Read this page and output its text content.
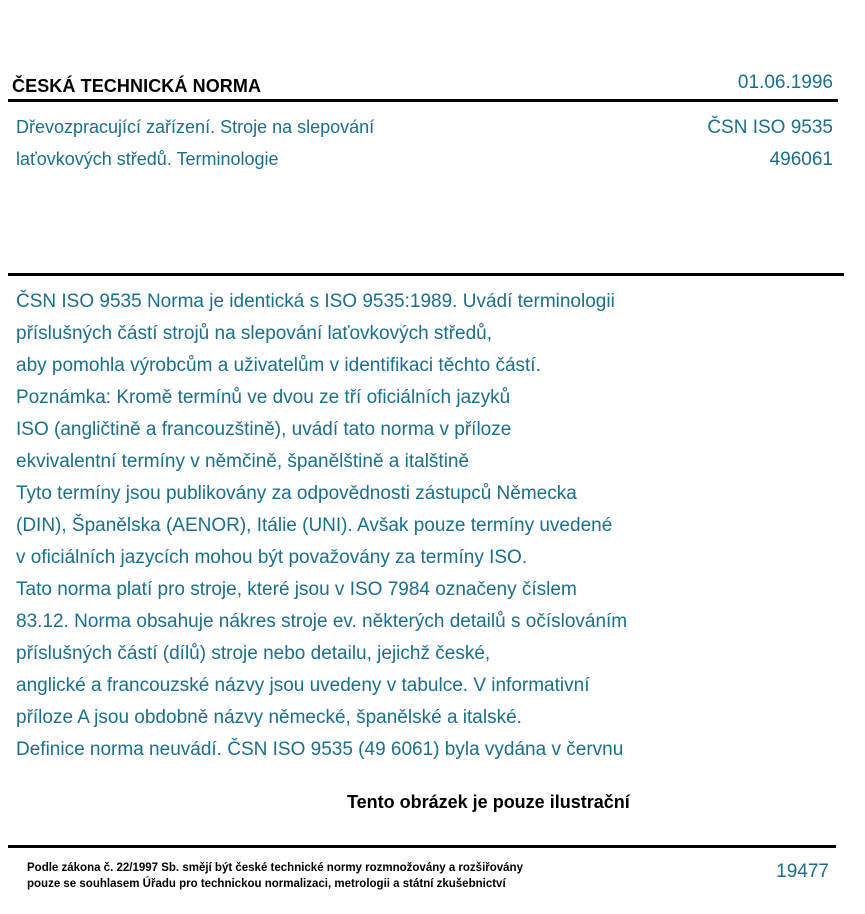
ČESKÁ TECHNICKÁ NORMA	01.06.1996
Dřevozpracující zařízení. Stroje na slepování
laťovkových středů. Terminologie
ČSN ISO 9535
496061
ČSN ISO 9535 Norma je identická s ISO 9535:1989. Uvádí terminologii
příslušných částí strojů na slepování laťovkových středů,
aby pomohla výrobcům a uživatelům v identifikaci těchto částí.
Poznámka: Kromě termínů ve dvou ze tří oficiálních jazyků
ISO (angličtině a francouzštině), uvádí tato norma v příloze
ekvivalentní termíny v němčině, španělštině a italštině
Tyto termíny jsou publikovány za odpovědnosti zástupců Německa
(DIN), Španělska (AENOR), Itálie (UNI). Avšak pouze termíny uvedené
v oficiálních jazycích mohou být považovány za termíny ISO.
Tato norma platí pro stroje, které jsou v ISO 7984 označeny číslem
83.12. Norma obsahuje nákres stroje ev. některých detailů s očíslováním
příslušných částí (dílů) stroje nebo detailu, jejichž české,
anglické a francouzské názvy jsou uvedeny v tabulce. V informativní
příloze A jsou obdobně názvy německé, španělské a italské.
Definice norma neuvádí. ČSN ISO 9535 (49 6061) byla vydána v červnu
Tento obrázek je pouze ilustrační
Podle zákona č. 22/1997 Sb. smějí být české technické normy rozmnožovány a rozšiřovány
pouze se souhlasem Úřadu pro technickou normalizaci, metrologii a státní zkušebnictví
19477
